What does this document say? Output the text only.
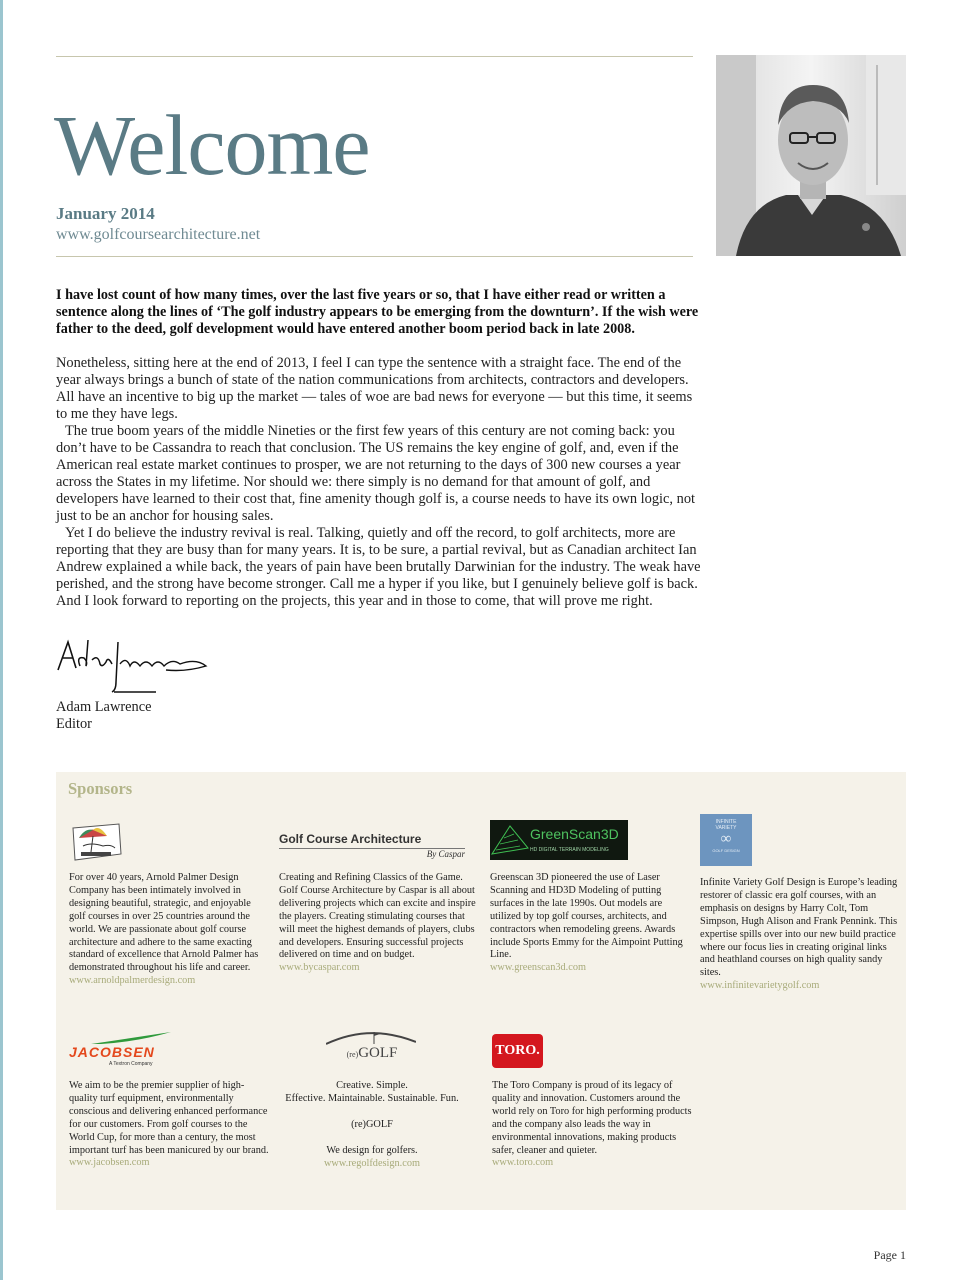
Welcome
January 2014
www.golfcoursearchitecture.net

I have lost count of how many times, over the last five years or so, that I have either read or written a sentence along the lines of ‘The golf industry appears to be emerging from the downturn’. If the wish were father to the deed, golf development would have entered another boom period back in late 2008.

Nonetheless, sitting here at the end of 2013, I feel I can type the sentence with a straight face. The end of the year always brings a bunch of state of the nation communications from architects, contractors and developers. All have an incentive to big up the market — tales of woe are bad news for everyone — but this time, it seems to me they have legs.

The true boom years of the middle Nineties or the first few years of this century are not coming back: you don’t have to be Cassandra to reach that conclusion. The US remains the key engine of golf, and, even if the American real estate market continues to prosper, we are not returning to the days of 300 new courses a year across the States in my lifetime. Nor should we: there simply is no demand for that amount of golf, and developers have learned to their cost that, fine amenity though golf is, a course needs to have its own logic, not just to be an anchor for housing sales.

Yet I do believe the industry revival is real. Talking, quietly and off the record, to golf architects, more are reporting that they are busy than for many years. It is, to be sure, a partial revival, but as Canadian architect Ian Andrew explained a while back, the years of pain have been brutally Darwinian for the industry. The weak have perished, and the strong have become stronger. Call me a hyper if you like, but I genuinely believe golf is back. And I look forward to reporting on the projects, this year and in those to come, that will prove me right.

Adam Lawrence
Editor
Sponsors
For over 40 years, Arnold Palmer Design Company has been intimately involved in designing beautiful, strategic, and enjoyable golf courses in over 25 countries around the world. We are passionate about golf course architecture and adhere to the same exacting standard of excellence that Arnold Palmer has demonstrated throughout his life and career.
www.arnoldpalmerdesign.com
Golf Course Architecture
By Caspar
Creating and Refining Classics of the Game. Golf Course Architecture by Caspar is all about delivering projects which can excite and inspire the players. Creating stimulating courses that will meet the highest demands of players, clubs and developers. Ensuring successful projects delivered on time and on budget.
www.bycaspar.com
GreenScan3D
HD DIGITAL TERRAIN MODELING
Greenscan 3D pioneered the use of Laser Scanning and HD3D Modeling of putting surfaces in the late 1990s. Out models are utilized by top golf courses, architects, and contractors when remodeling greens. Awards include Sports Emmy for the Aimpoint Putting Line.
www.greenscan3d.com
INFINITE VARIETY
∞
GOLF DESIGN
Infinite Variety Golf Design is Europe’s leading restorer of classic era golf courses, with an emphasis on designs by Harry Colt, Tom Simpson, Hugh Alison and Frank Pennink. This expertise spills over into our new build practice where our focus lies in creating original links and heathland courses on high quality sandy sites.
www.infinitevarietygolf.com
JACOBSEN
A Textron Company
We aim to be the premier supplier of high-quality turf equipment, environmentally conscious and delivering enhanced performance for our customers. From golf courses to the World Cup, for more than a century, the most important turf has been manicured by our brand.
www.jacobsen.com
(re)GOLF
Creative. Simple.
Effective. Maintainable. Sustainable. Fun.
(re)GOLF
We design for golfers.
www.regolfdesign.com
TORO.
The Toro Company is proud of its legacy of quality and innovation. Customers around the world rely on Toro for high performing products and the company also leads the way in environmental innovations, making products safer, cleaner and quieter.
www.toro.com
Page 1
